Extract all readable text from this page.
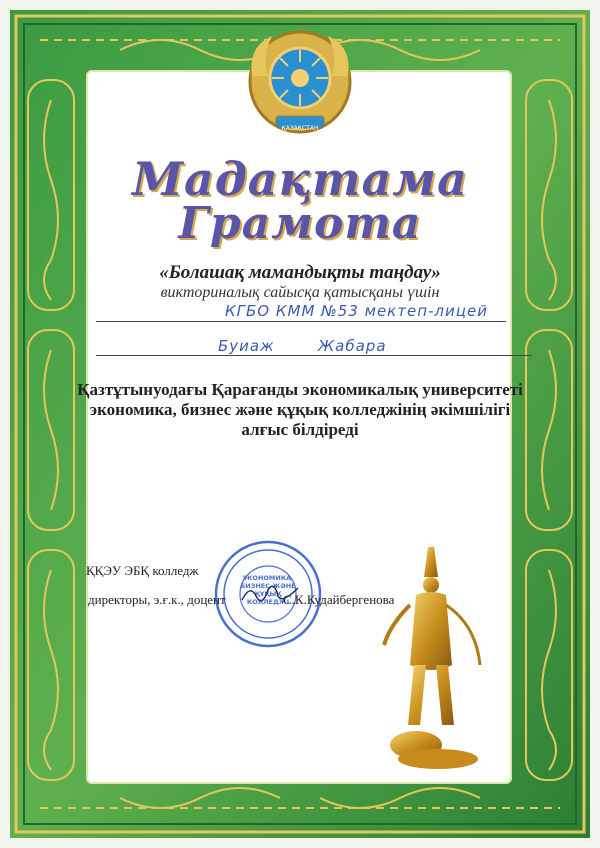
ҚАЗАҚСТАН
Мадақтама
Грамота
«Болашақ мамандықты таңдау»
викториналық сайысқа қатысқаны үшін
КГБО КММ №53 мектеп-лицей
Буиаж	Жабара
Қазтұтынуодағы Қарағанды экономикалық университеті
экономика, бизнес және құқық колледжінің әкімшілігі
алғыс білдіреді
ЭКОНОМИКА, БИЗНЕС ЖӘНЕ ҚҰҚЫҚ КОЛЛЕДЖІ
ҚҚЭУ ЭБҚ колледж
директоры, э.ғ.к., доцент	С.К.Кудайбергенова
